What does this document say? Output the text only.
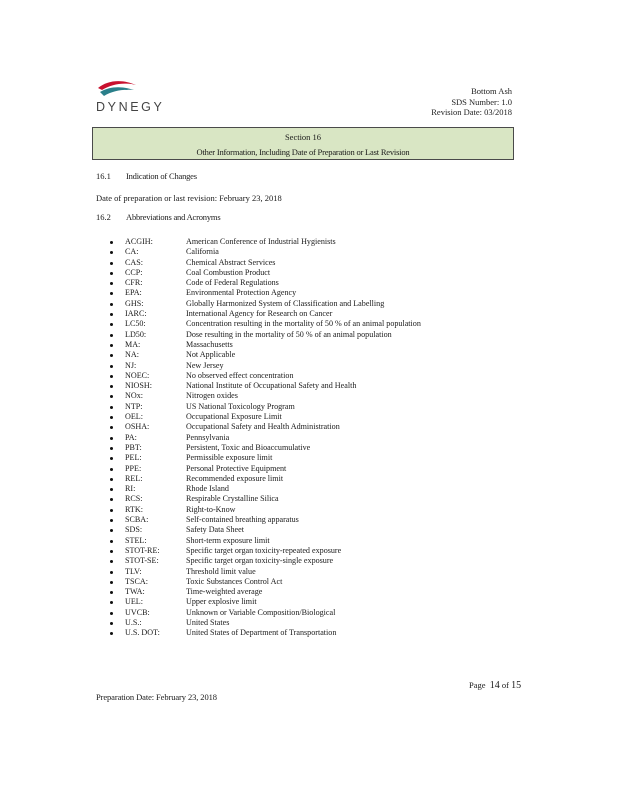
DYNEGY
Bottom Ash
SDS Number: 1.0
Revision Date: 03/2018
Section 16
Other Information, Including Date of Preparation or Last Revision
16.1 Indication of Changes
Date of preparation or last revision: February 23, 2018
16.2 Abbreviations and Acronyms
ACGIH:	American Conference of Industrial Hygienists
CA:	California
CAS:	Chemical Abstract Services
CCP:	Coal Combustion Product
CFR:	Code of Federal Regulations
EPA:	Environmental Protection Agency
GHS:	Globally Harmonized System of Classification and Labelling
IARC:	International Agency for Research on Cancer
LC50:	Concentration resulting in the mortality of 50 % of an animal population
LD50:	Dose resulting in the mortality of 50 % of an animal population
MA:	Massachusetts
NA:	Not Applicable
NJ:	New Jersey
NOEC:	No observed effect concentration
NIOSH:	National Institute of Occupational Safety and Health
NOx:	Nitrogen oxides
NTP:	US National Toxicology Program
OEL:	Occupational Exposure Limit
OSHA:	Occupational Safety and Health Administration
PA:	Pennsylvania
PBT:	Persistent, Toxic and Bioaccumulative
PEL:	Permissible exposure limit
PPE:	Personal Protective Equipment
REL:	Recommended exposure limit
RI:	Rhode Island
RCS:	Respirable Crystalline Silica
RTK:	Right-to-Know
SCBA:	Self-contained breathing apparatus
SDS:	Safety Data Sheet
STEL:	Short-term exposure limit
STOT-RE:	Specific target organ toxicity-repeated exposure
STOT-SE:	Specific target organ toxicity-single exposure
TLV:	Threshold limit value
TSCA:	Toxic Substances Control Act
TWA:	Time-weighted average
UEL:	Upper explosive limit
UVCB:	Unknown or Variable Composition/Biological
U.S.:	United States
U.S. DOT:	United States of Department of Transportation
Page 14 of 15
Preparation Date: February 23, 2018
